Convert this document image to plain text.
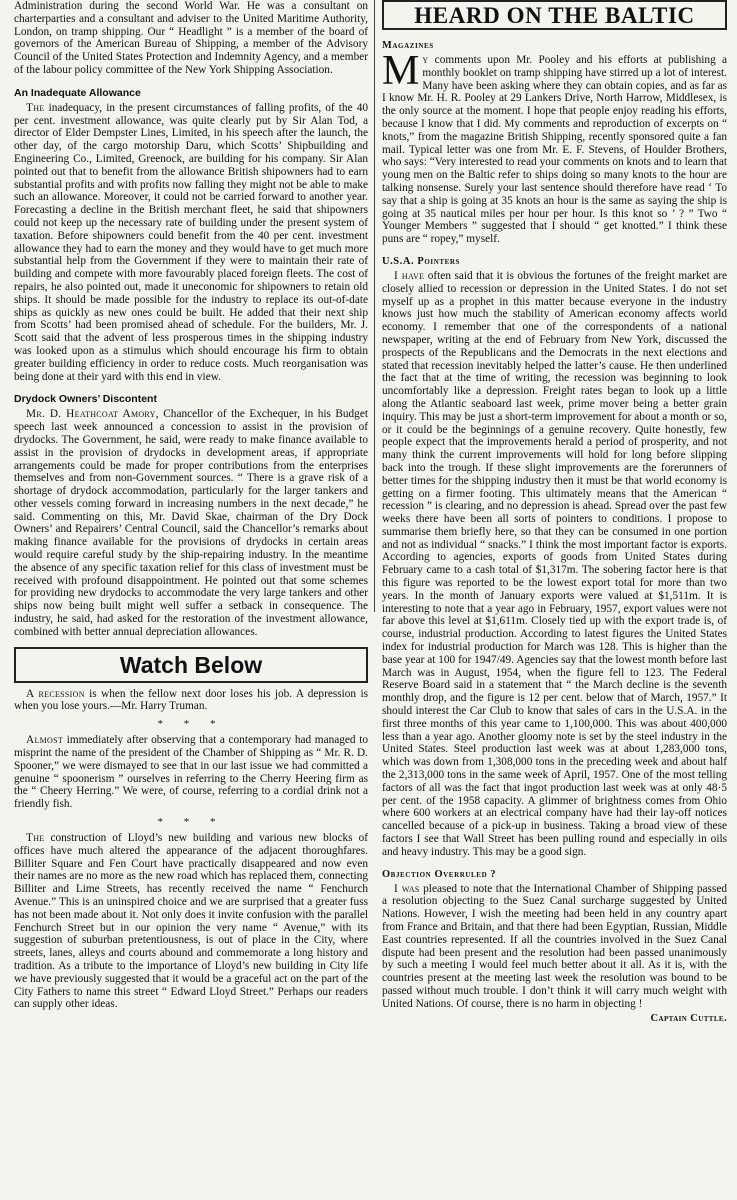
Administration during the second World War. He was a consultant on charterparties and a consultant and adviser to the United Maritime Authority, London, on tramp shipping. Our “ Headlight ” is a member of the board of governors of the American Bureau of Shipping, a member of the Advisory Council of the United States Protection and Indemnity Agency, and a member of the labour policy committee of the New York Shipping Association.

An Inadequate Allowance

The inadequacy, in the present circumstances of falling profits, of the 40 per cent. investment allowance, was quite clearly put by Sir Alan Tod, a director of Elder Dempster Lines, Limited, in his speech after the launch, the other day, of the cargo motorship Daru, which Scotts’ Shipbuilding and Engineering Co., Limited, Greenock, are building for his company. Sir Alan pointed out that to benefit from the allowance British shipowners had to earn substantial profits and with profits now falling they might not be able to make such an allowance. Moreover, it could not be carried forward to another year. Forecasting a decline in the British merchant fleet, he said that shipowners could not keep up the necessary rate of building under the present system of taxation. Before shipowners could benefit from the 40 per cent. investment allowance they had to earn the money and they would have to get much more substantial help from the Government if they were to maintain their rate of building and compete with more favourably placed foreign fleets. The cost of repairs, he also pointed out, made it uneconomic for shipowners to retain old ships. It should be made possible for the industry to replace its out-of-date ships as quickly as new ones could be built. He added that their next ship from Scotts’ had been promised ahead of schedule. For the builders, Mr. J. Scott said that the advent of less prosperous times in the shipping industry was looked upon as a stimulus which should encourage his firm to obtain greater building efficiency in order to reduce costs. Much reorganisation was being done at their yard with this end in view.

Drydock Owners’ Discontent

Mr. D. Heathcoat Amory, Chancellor of the Exchequer, in his Budget speech last week announced a concession to assist in the provision of drydocks. The Government, he said, were ready to make finance available to assist in the provision of drydocks in development areas, if appropriate arrangements could be made for proper contributions from the enterprises themselves and from non-Government sources. “ There is a grave risk of a shortage of drydock accommodation, particularly for the larger tankers and other vessels coming forward in increasing numbers in the next decade,” he said. Commenting on this, Mr. David Skae, chairman of the Dry Dock Owners’ and Repairers’ Central Council, said the Chancellor’s remarks about making finance available for the provisions of drydocks in certain areas would require careful study by the ship-repairing industry. In the meantime the absence of any specific taxation relief for this class of investment must be received with profound disappointment. He pointed out that some schemes for providing new drydocks to accommodate the very large tankers and other ships now being built might well suffer a setback in consequence. The industry, he said, had asked for the restoration of the investment allowance, combined with better annual depreciation allowances.

Watch Below

A recession is when the fellow next door loses his job. A depression is when you lose yours.—Mr. Harry Truman.

* * *

Almost immediately after observing that a contemporary had managed to misprint the name of the president of the Chamber of Shipping as “ Mr. R. D. Spooner,” we were dismayed to see that in our last issue we had committed a genuine “ spoonerism ” ourselves in referring to the Cherry Heering firm as the “ Cheery Herring.” We were, of course, referring to a cordial drink not a friendly fish.

* * *

The construction of Lloyd’s new building and various new blocks of offices have much altered the appearance of the adjacent thoroughfares. Billiter Square and Fen Court have practically disappeared and now even their names are no more as the new road which has replaced them, connecting Billiter and Lime Streets, has recently received the name “ Fenchurch Avenue.” This is an uninspired choice and we are surprised that a greater fuss has not been made about it. Not only does it invite confusion with the parallel Fenchurch Street but in our opinion the very name “ Avenue,” with its suggestion of suburban pretentiousness, is out of place in the City, where streets, lanes, alleys and courts abound and commemorate a long history and tradition. As a tribute to the importance of Lloyd’s new building in City life we have previously suggested that it would be a graceful act on the part of the City Fathers to name this street “ Edward Lloyd Street.” Perhaps our readers can supply other ideas.

HEARD ON THE BALTIC
Magazines

My comments upon Mr. Pooley and his efforts at publishing a monthly booklet on tramp shipping have stirred up a lot of interest. Many have been asking where they can obtain copies, and as far as I know Mr. H. R. Pooley at 29 Lankers Drive, North Harrow, Middlesex, is the only source at the moment. I hope that people enjoy reading his efforts, because I know that I did. My comments and reproduction of excerpts on “ knots,” from the magazine British Shipping, recently sponsored quite a fan mail. Typical letter was one from Mr. E. F. Stevens, of Houlder Brothers, who says: “Very interested to read your comments on knots and to learn that young men on the Baltic refer to ships doing so many knots to the hour are talking nonsense. Surely your last sentence should therefore have read ‘ To say that a ship is going at 35 knots an hour is the same as saying the ship is going at 35 nautical miles per hour per hour. Is this knot so ’ ? ” Two “ Younger Members ” suggested that I should “ get knotted.” I think these puns are “ ropey,” myself.

U.S.A. Pointers

I have often said that it is obvious the fortunes of the freight market are closely allied to recession or depression in the United States. I do not set myself up as a prophet in this matter because everyone in the industry knows just how much the stability of American economy affects world economy. I remember that one of the correspondents of a national newspaper, writing at the end of February from New York, discussed the prospects of the Republicans and the Democrats in the next elections and stated that recession inevitably helped the latter’s cause. He then underlined the fact that at the time of writing, the recession was beginning to look uncomfortably like a depression. Freight rates began to look up a little along the Atlantic seaboard last week, prime mover being a better grain inquiry. This may be just a short-term improvement for about a month or so, or it could be the beginnings of a genuine recovery. Quite honestly, few people expect that the improvements herald a period of prosperity, and not many think the current improvements will hold for long before slipping back into the trough. If these slight improvements are the forerunners of better times for the shipping industry then it must be that world economy is getting on a firmer footing. This ultimately means that the American “ recession ” is clearing, and no depression is ahead. Spread over the past few weeks there have been all sorts of pointers to conditions. I propose to summarise them briefly here, so that they can be consumed in one portion and not as individual “ snacks.” I think the most important factor is exports. According to agencies, exports of goods from United States during February came to a cash total of $1,317m. The sobering factor here is that this figure was reported to be the lowest export total for more than two years. In the month of January exports were valued at $1,511m. It is interesting to note that a year ago in February, 1957, export values were not far above this level at $1,611m. Closely tied up with the export trade is, of course, industrial production. According to latest figures the United States index for industrial production for March was 128. This is higher than the base year at 100 for 1947/49. Agencies say that the lowest month before last March was in August, 1954, when the figure fell to 123. The Federal Reserve Board said in a statement that “ the March decline is the seventh monthly drop, and the figure is 12 per cent. below that of March, 1957.” It should interest the Car Club to know that sales of cars in the U.S.A. in the first three months of this year came to 1,100,000. This was about 400,000 less than a year ago. Another gloomy note is set by the steel industry in the United States. Steel production last week was at about 1,283,000 tons, which was down from 1,308,000 tons in the preceding week and about half the 2,313,000 tons in the same week of April, 1957. One of the most telling factors of all was the fact that ingot production last week was at only 48·5 per cent. of the 1958 capacity. A glimmer of brightness comes from Ohio where 600 workers at an electrical company have had their lay-off notices cancelled because of a pick-up in business. Taking a broad view of these factors I see that Wall Street has been pulling round and especially in oils and heavy industry. This may be a good sign.

Objection Overruled ?

I was pleased to note that the International Chamber of Shipping passed a resolution objecting to the Suez Canal surcharge suggested by United Nations. However, I wish the meeting had been held in any country apart from France and Britain, and that there had been Egyptian, Russian, Middle East countries represented. If all the countries involved in the Suez Canal dispute had been present and the resolution had been passed unanimously by such a meeting I would feel much better about it all. As it is, with the countries present at the meeting last week the resolution was bound to be passed without much trouble. I don’t think it will carry much weight with United Nations. Of course, there is no harm in objecting !

Captain Cuttle.
